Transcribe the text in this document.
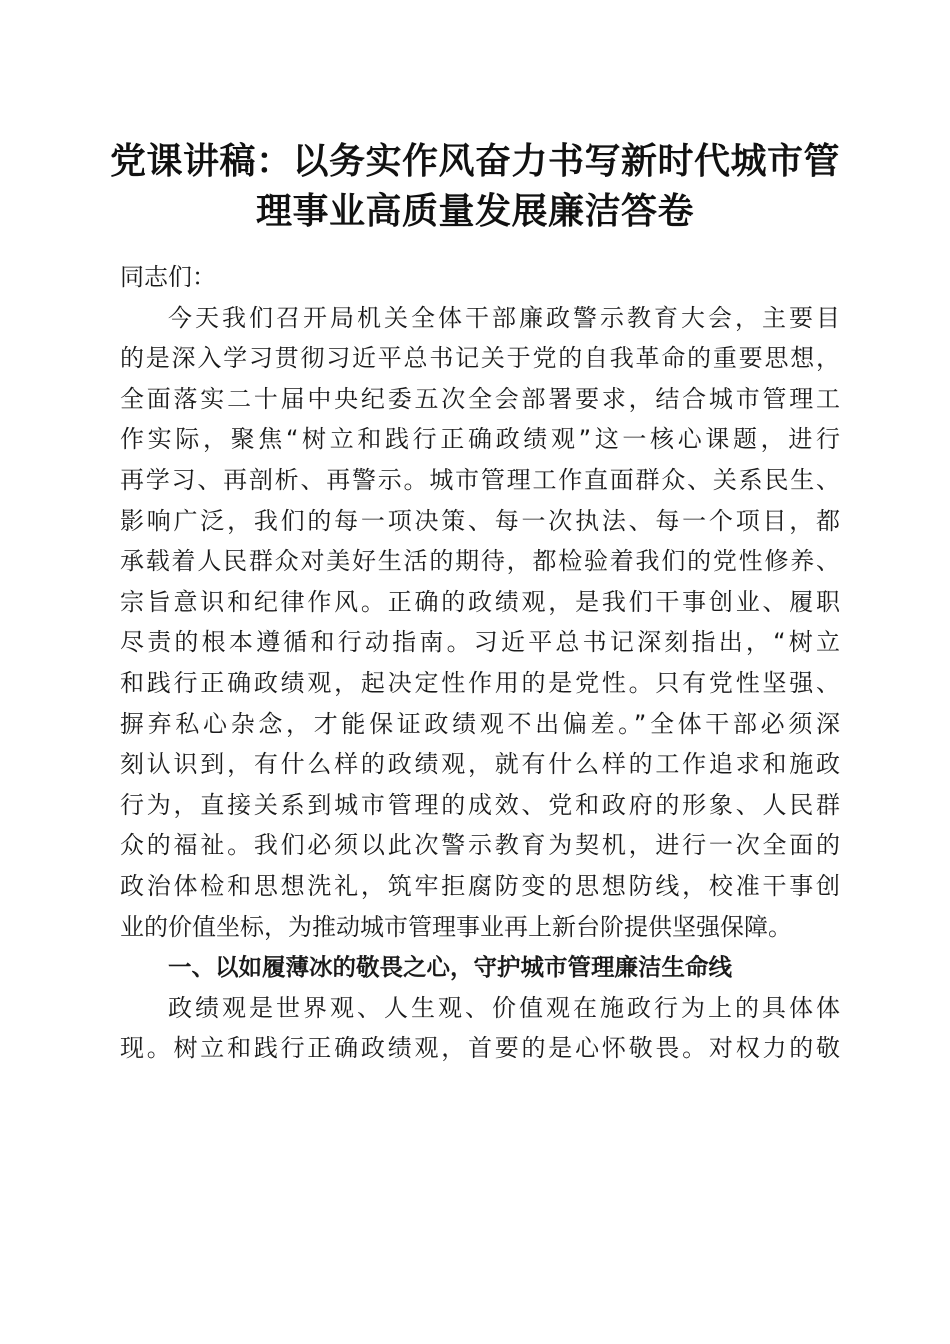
党课讲稿：以务实作风奋力书写新时代城市管
理事业高质量发展廉洁答卷

同志们：

今天我们召开局机关全体干部廉政警示教育大会，主要目
的是深入学习贯彻习近平总书记关于党的自我革命的重要思想，
全面落实二十届中央纪委五次全会部署要求，结合城市管理工
作实际，聚焦“树立和践行正确政绩观”这一核心课题，进行
再学习、再剖析、再警示。城市管理工作直面群众、关系民生、
影响广泛，我们的每一项决策、每一次执法、每一个项目，都
承载着人民群众对美好生活的期待，都检验着我们的党性修养、
宗旨意识和纪律作风。正确的政绩观，是我们干事创业、履职
尽责的根本遵循和行动指南。习近平总书记深刻指出，“树立
和践行正确政绩观，起决定性作用的是党性。只有党性坚强、
摒弃私心杂念，才能保证政绩观不出偏差。”全体干部必须深
刻认识到，有什么样的政绩观，就有什么样的工作追求和施政
行为，直接关系到城市管理的成效、党和政府的形象、人民群
众的福祉。我们必须以此次警示教育为契机，进行一次全面的
政治体检和思想洗礼，筑牢拒腐防变的思想防线，校准干事创
业的价值坐标，为推动城市管理事业再上新台阶提供坚强保障。

一、以如履薄冰的敬畏之心，守护城市管理廉洁生命线

政绩观是世界观、人生观、价值观在施政行为上的具体体
现。树立和践行正确政绩观，首要的是心怀敬畏。对权力的敬
